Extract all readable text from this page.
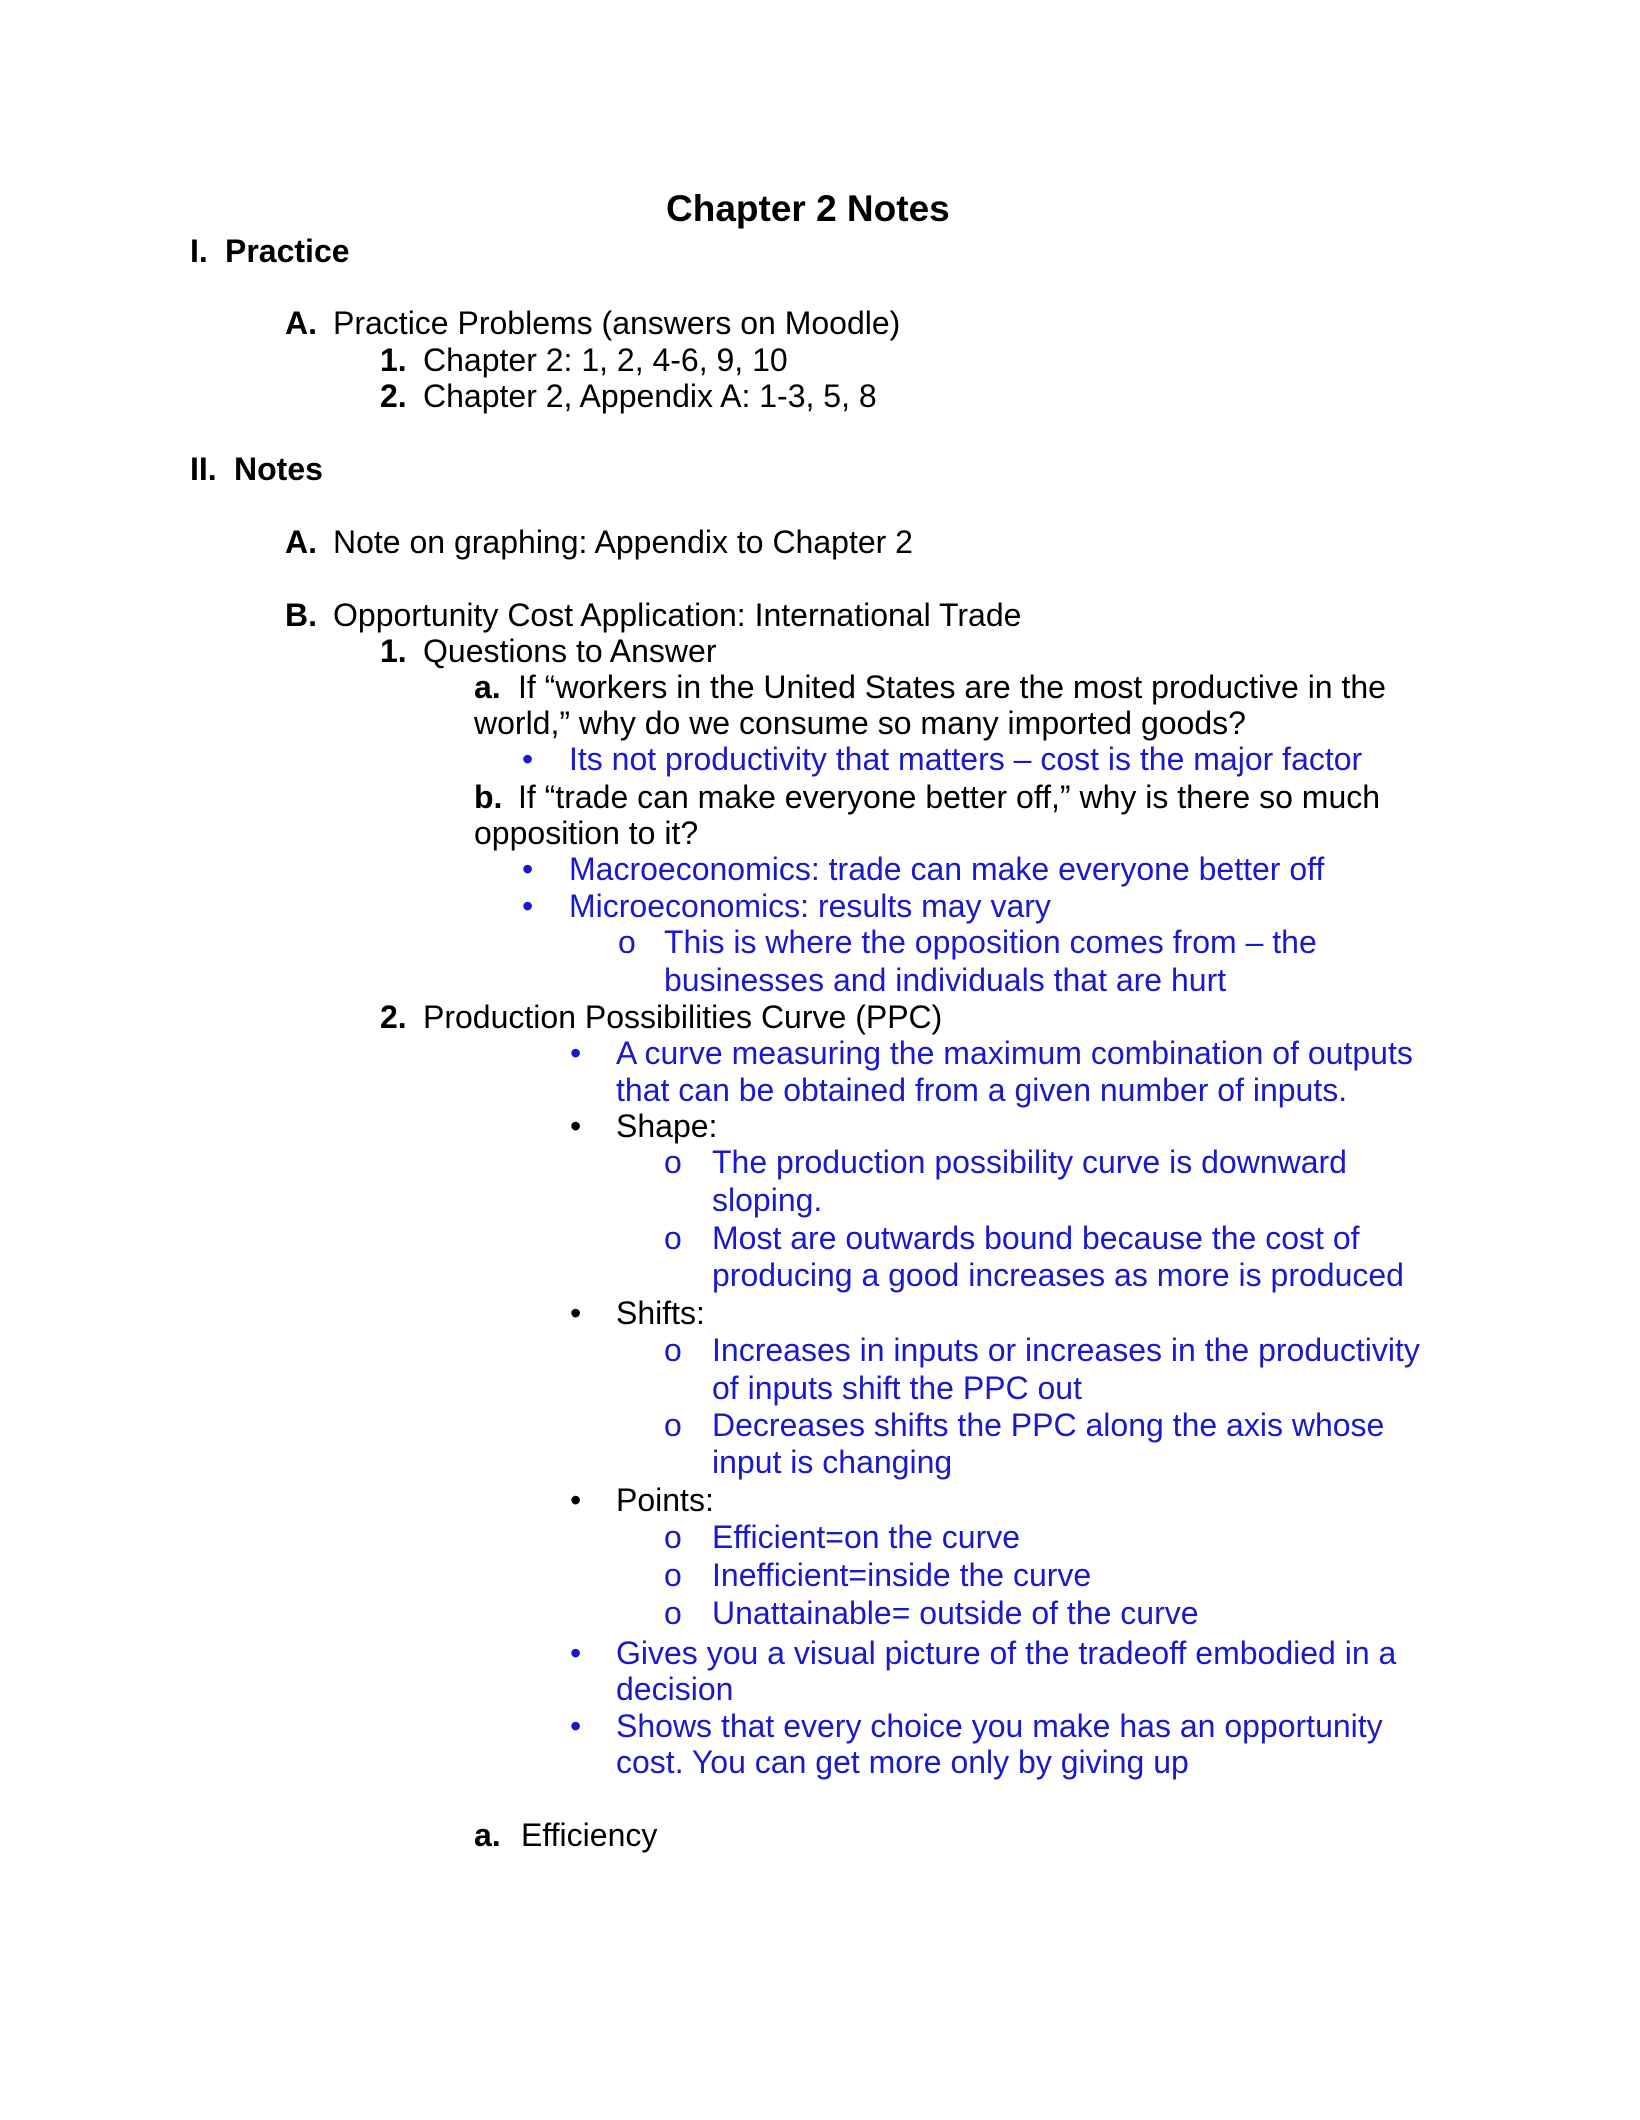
Chapter 2 Notes
I. Practice
A. Practice Problems (answers on Moodle)
1. Chapter 2: 1, 2, 4-6, 9, 10
2. Chapter 2, Appendix A: 1-3, 5, 8
II. Notes
A. Note on graphing: Appendix to Chapter 2
B. Opportunity Cost Application: International Trade
1. Questions to Answer
a. If “workers in the United States are the most productive in the
world,” why do we consume so many imported goods?
• Its not productivity that matters – cost is the major factor
b. If “trade can make everyone better off,” why is there so much
opposition to it?
• Macroeconomics: trade can make everyone better off
• Microeconomics: results may vary
o This is where the opposition comes from – the
businesses and individuals that are hurt
2. Production Possibilities Curve (PPC)
• A curve measuring the maximum combination of outputs
that can be obtained from a given number of inputs.
• Shape:
o The production possibility curve is downward
sloping.
o Most are outwards bound because the cost of
producing a good increases as more is produced
• Shifts:
o Increases in inputs or increases in the productivity
of inputs shift the PPC out
o Decreases shifts the PPC along the axis whose
input is changing
• Points:
o Efficient=on the curve
o Inefficient=inside the curve
o Unattainable= outside of the curve
• Gives you a visual picture of the tradeoff embodied in a
decision
• Shows that every choice you make has an opportunity
cost. You can get more only by giving up
a. Efficiency
